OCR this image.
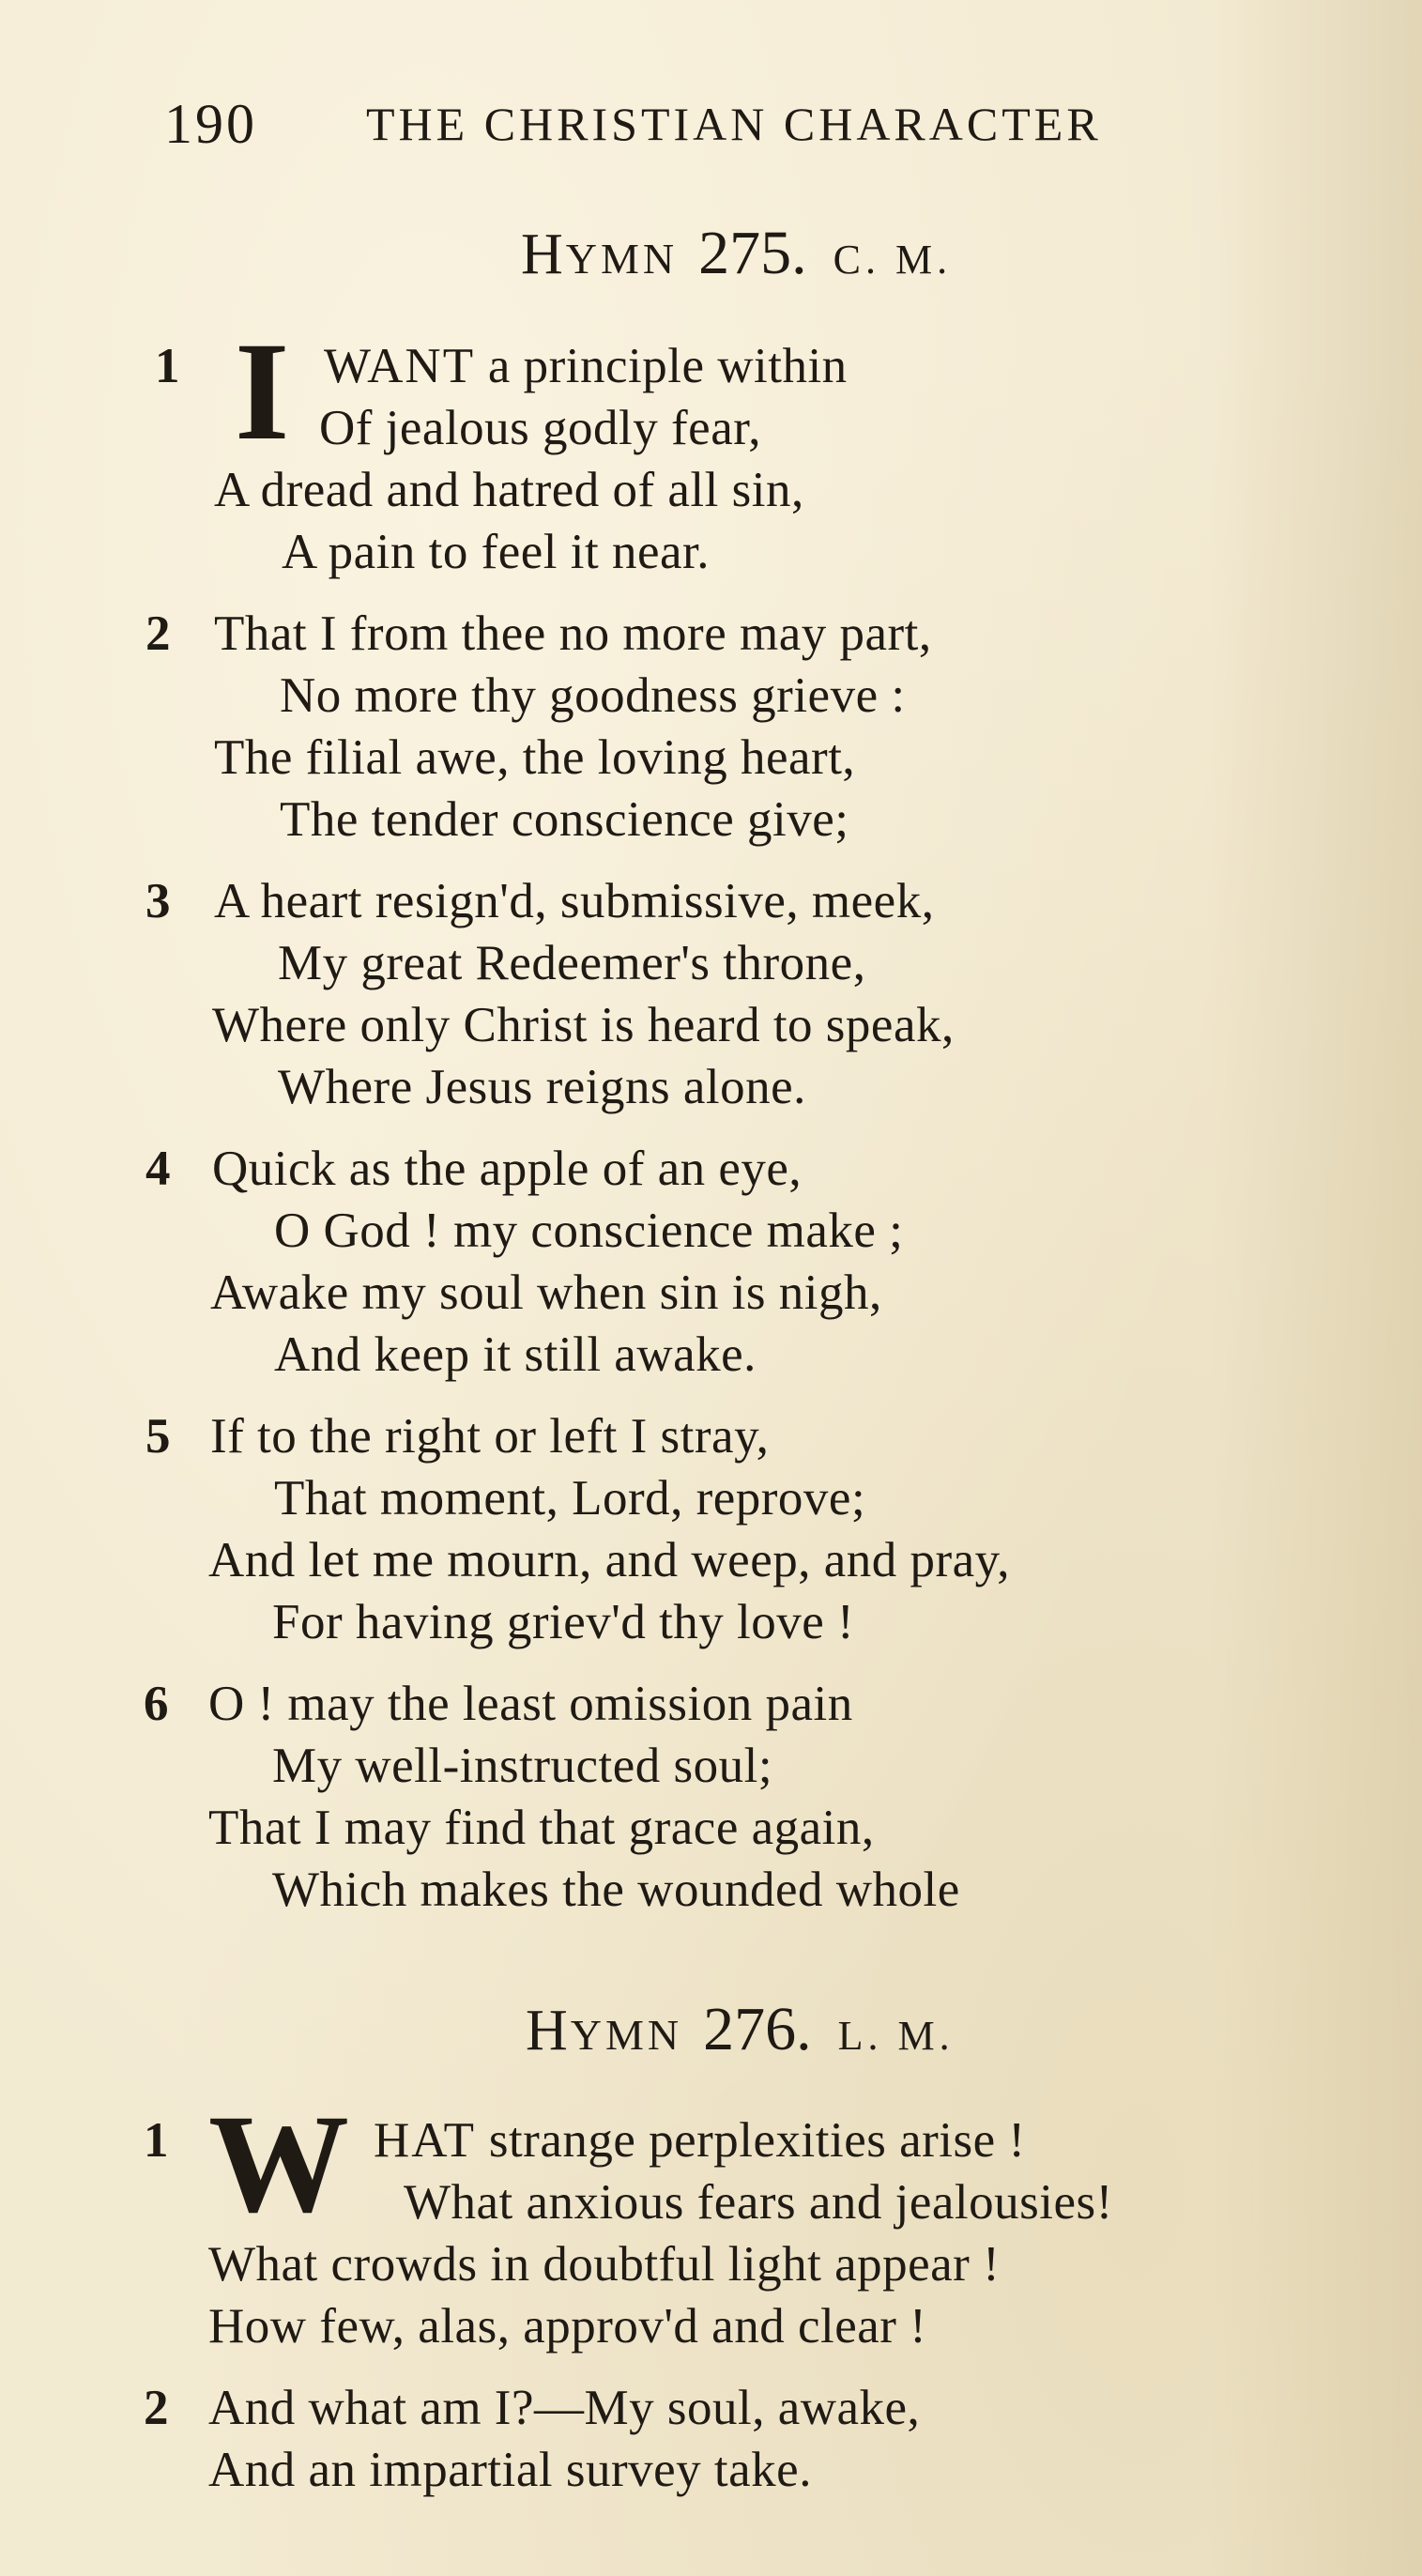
190 THE CHRISTIAN CHARACTER
HYMN 275. C. M.
1 I WANT a principle within
Of jealous godly fear,
A dread and hatred of all sin,
A pain to feel it near.
2 That I from thee no more may part,
No more thy goodness grieve :
The filial awe, the loving heart,
The tender conscience give;
3 A heart resign'd, submissive, meek,
My great Redeemer's throne,
Where only Christ is heard to speak,
Where Jesus reigns alone.
4 Quick as the apple of an eye,
O God ! my conscience make ;
Awake my soul when sin is nigh,
And keep it still awake.
5 If to the right or left I stray,
That moment, Lord, reprove;
And let me mourn, and weep, and pray,
For having griev'd thy love !
6 O ! may the least omission pain
My well-instructed soul;
That I may find that grace again,
Which makes the wounded whole
HYMN 276. L. M.
1 W HAT strange perplexities arise !
What anxious fears and jealousies!
What crowds in doubtful light appear !
How few, alas, approv'd and clear !
2 And what am I?—My soul, awake,
And an impartial survey take.
